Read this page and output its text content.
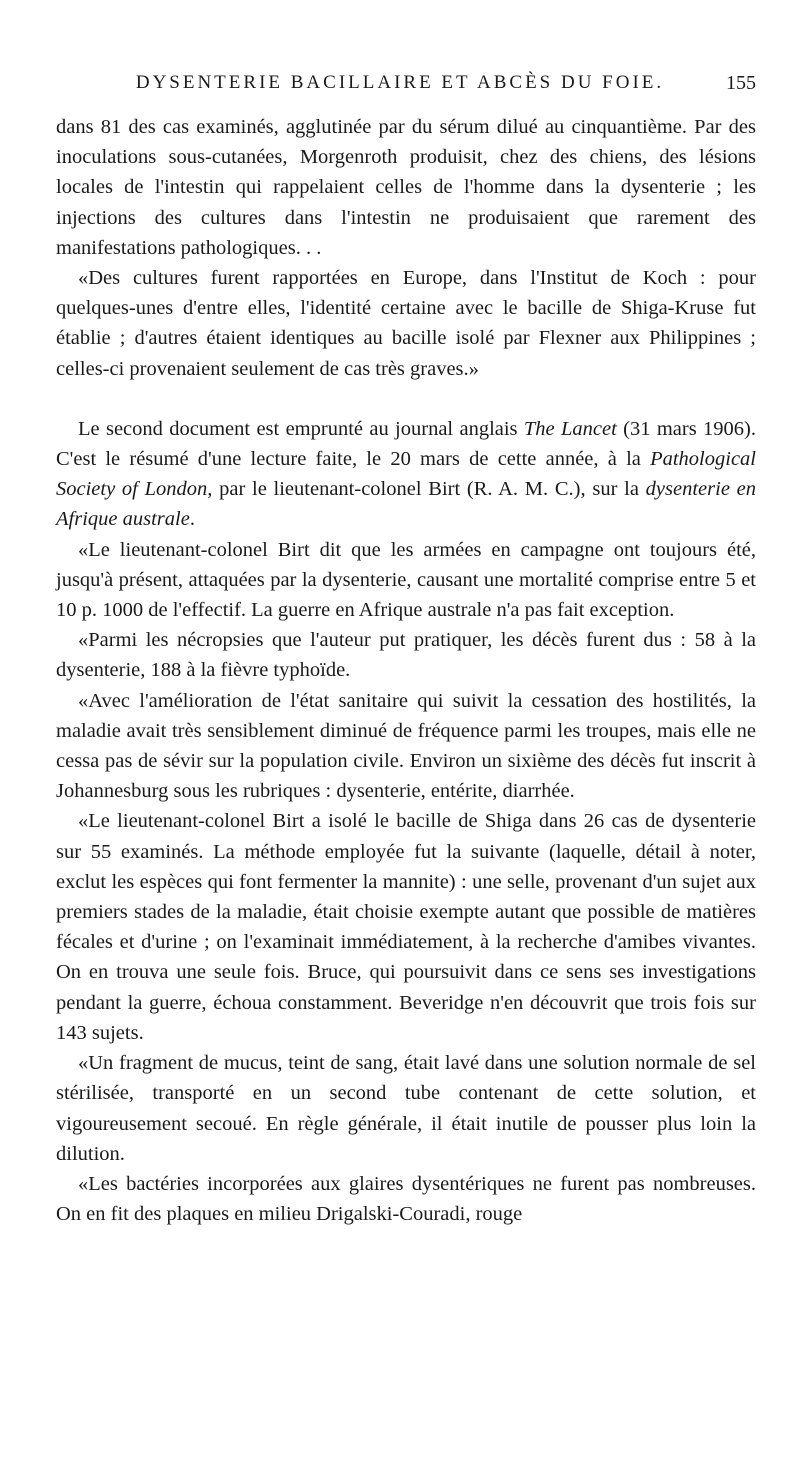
DYSENTERIE BACILLAIRE ET ABCÈS DU FOIE.	155

dans 81 des cas examinés, agglutinée par du sérum dilué au cinquantième. Par des inoculations sous-cutanées, Morgenroth produisit, chez des chiens, des lésions locales de l'intestin qui rappelaient celles de l'homme dans la dysenterie ; les injections des cultures dans l'intestin ne produisaient que rarement des manifestations pathologiques. . .

«Des cultures furent rapportées en Europe, dans l'Institut de Koch : pour quelques-unes d'entre elles, l'identité certaine avec le bacille de Shiga-Kruse fut établie ; d'autres étaient identiques au bacille isolé par Flexner aux Philippines ; celles-ci provenaient seulement de cas très graves.»

Le second document est emprunté au journal anglais The Lancet (31 mars 1906). C'est le résumé d'une lecture faite, le 20 mars de cette année, à la Pathological Society of London, par le lieutenant-colonel Birt (R. A. M. C.), sur la dysenterie en Afrique australe.

«Le lieutenant-colonel Birt dit que les armées en campagne ont toujours été, jusqu'à présent, attaquées par la dysenterie, causant une mortalité comprise entre 5 et 10 p. 1000 de l'effectif. La guerre en Afrique australe n'a pas fait exception.

«Parmi les nécropsies que l'auteur put pratiquer, les décès furent dus : 58 à la dysenterie, 188 à la fièvre typhoïde.

«Avec l'amélioration de l'état sanitaire qui suivit la cessation des hostilités, la maladie avait très sensiblement diminué de fréquence parmi les troupes, mais elle ne cessa pas de sévir sur la population civile. Environ un sixième des décès fut inscrit à Johannesburg sous les rubriques : dysenterie, entérite, diarrhée.

«Le lieutenant-colonel Birt a isolé le bacille de Shiga dans 26 cas de dysenterie sur 55 examinés. La méthode employée fut la suivante (laquelle, détail à noter, exclut les espèces qui font fermenter la mannite) : une selle, provenant d'un sujet aux premiers stades de la maladie, était choisie exempte autant que possible de matières fécales et d'urine ; on l'examinait immédiatement, à la recherche d'amibes vivantes. On en trouva une seule fois. Bruce, qui poursuivit dans ce sens ses investigations pendant la guerre, échoua constamment. Beveridge n'en découvrit que trois fois sur 143 sujets.

«Un fragment de mucus, teint de sang, était lavé dans une solution normale de sel stérilisée, transporté en un second tube contenant de cette solution, et vigoureusement secoué. En règle générale, il était inutile de pousser plus loin la dilution.

«Les bactéries incorporées aux glaires dysentériques ne furent pas nombreuses. On en fit des plaques en milieu Drigalski-Couradi, rouge
